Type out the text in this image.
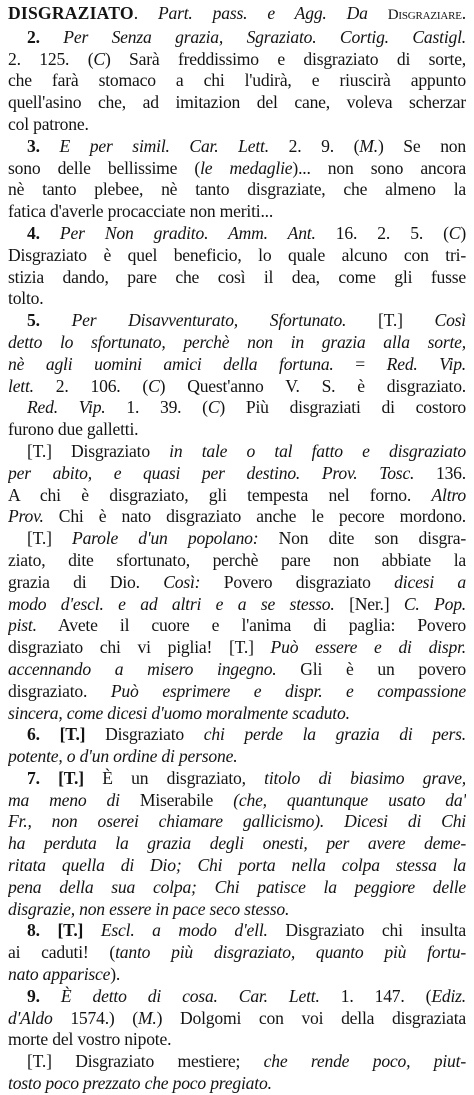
DISGRAZIATO. Part. pass. e Agg. Da Disgraziare.
2. Per Senza grazia, Sgraziato. Cortig. Castigl.
2. 125. (C) Sarà freddissimo e disgraziato di sorte,
che farà stomaco a chi l'udirà, e riuscirà appunto
quell'asino che, ad imitazion del cane, voleva scherzar
col patrone.
3. E per simil. Car. Lett. 2. 9. (M.) Se non
sono delle bellissime (le medaglie)... non sono ancora
nè tanto plebee, nè tanto disgraziate, che almeno la
fatica d'averle procacciate non meriti...
4. Per Non gradito. Amm. Ant. 16. 2. 5. (C)
Disgraziato è quel beneficio, lo quale alcuno con tri-
stizia dando, pare che così il dea, come gli fusse
tolto.
5. Per Disavventurato, Sfortunato. [T.] Così
detto lo sfortunato, perchè non in grazia alla sorte,
nè agli uomini amici della fortuna. = Red. Vip.
lett. 2. 106. (C) Quest'anno V. S. è disgraziato.
Red. Vip. 1. 39. (C) Più disgraziati di costoro
furono due galletti.
[T.] Disgraziato in tale o tal fatto e disgraziato
per abito, e quasi per destino. Prov. Tosc. 136.
A chi è disgraziato, gli tempesta nel forno. Altro
Prov. Chi è nato disgraziato anche le pecore mordono.
[T.] Parole d'un popolano: Non dite son disgra-
ziato, dite sfortunato, perchè pare non abbiate la
grazia di Dio. Così: Povero disgraziato dicesi a
modo d'escl. e ad altri e a se stesso. [Ner.] C. Pop.
pist. Avete il cuore e l'anima di paglia: Povero
disgraziato chi vi piglia! [T.] Può essere e di dispr.
accennando a misero ingegno. Gli è un povero
disgraziato. Può esprimere e dispr. e compassione
sincera, come dicesi d'uomo moralmente scaduto.
6. [T.] Disgraziato chi perde la grazia di pers.
potente, o d'un ordine di persone.
7. [T.] È un disgraziato, titolo di biasimo grave,
ma meno di Miserabile (che, quantunque usato da'
Fr., non oserei chiamare gallicismo). Dicesi di Chi
ha perduta la grazia degli onesti, per avere deme-
ritata quella di Dio; Chi porta nella colpa stessa la
pena della sua colpa; Chi patisce la peggiore delle
disgrazie, non essere in pace seco stesso.
8. [T.] Escl. a modo d'ell. Disgraziato chi insulta
ai caduti! (tanto più disgraziato, quanto più fortu-
nato apparisce).
9. È detto di cosa. Car. Lett. 1. 147. (Ediz.
d'Aldo 1574.) (M.) Dolgomi con voi della disgraziata
morte del vostro nipote.
[T.] Disgraziato mestiere; che rende poco, piut-
tosto poco prezzato che poco pregiato.
